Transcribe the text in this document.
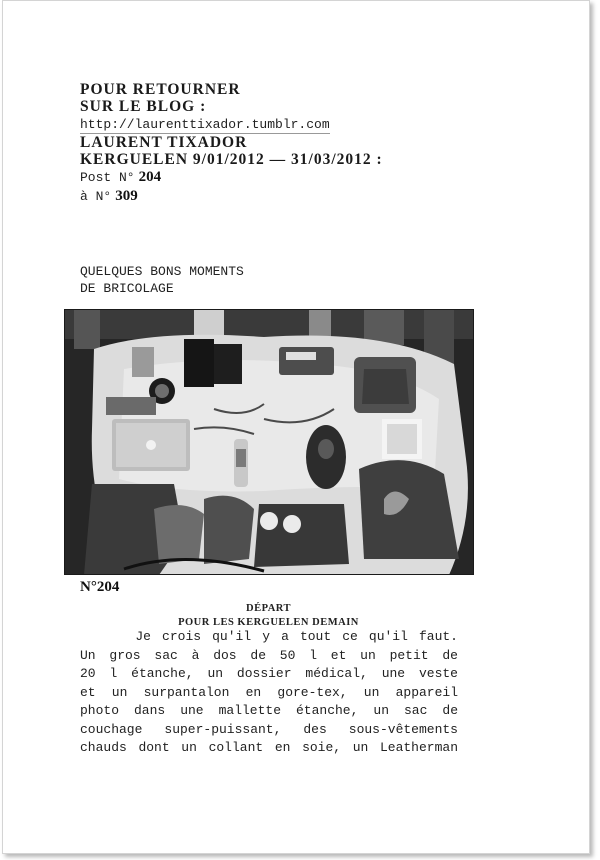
POUR RETOURNER
SUR LE BLOG :
http://laurenttixador.tumblr.com
LAURENT TIXADOR
KERGUELEN 9/01/2012 — 31/03/2012 :
Post N° 204
à N° 309
QUELQUES BONS MOMENTS
DE BRICOLAGE
N°204
DÉPART
POUR LES KERGUELEN DEMAIN
Je crois qu'il y a tout ce qu'il faut.
Un gros sac à dos de 50 l et un petit de
20 l étanche, un dossier médical, une veste
et un surpantalon en gore-tex, un appareil
photo dans une mallette étanche, un sac de
couchage super-puissant, des sous-vêtements
chauds dont un collant en soie, un Leatherman
